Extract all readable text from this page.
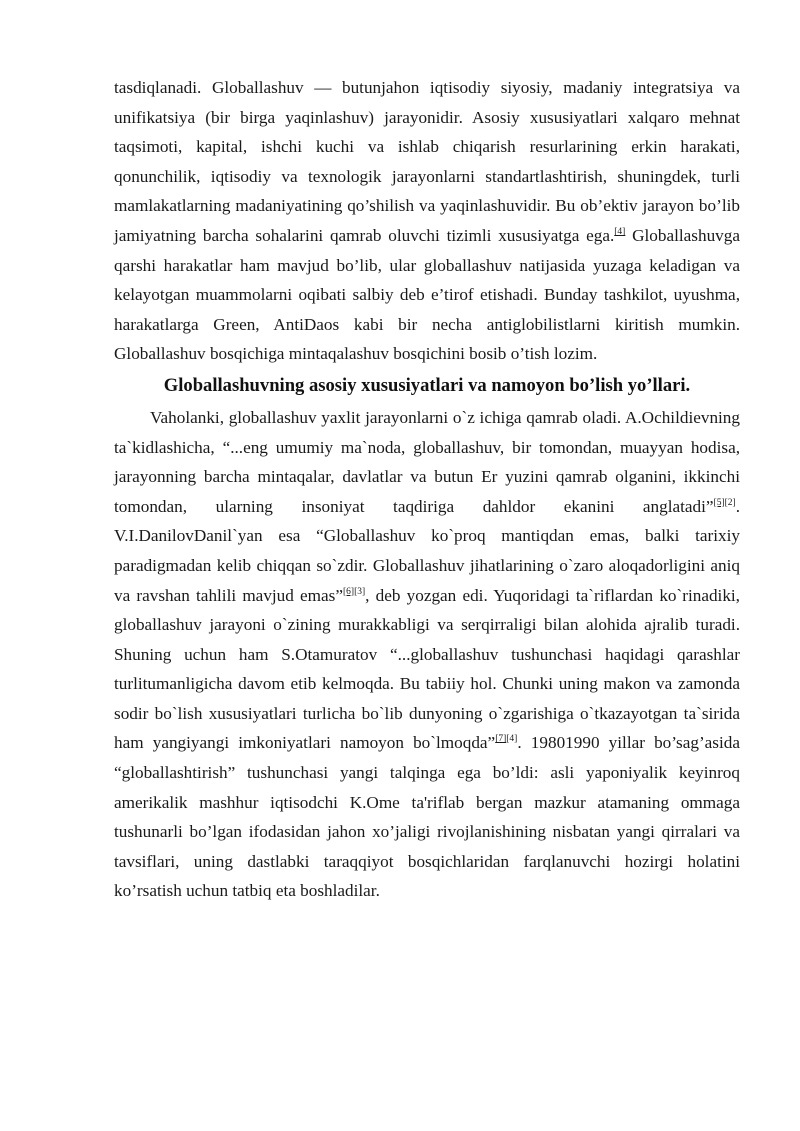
tasdiqlanadi. Globallashuv — butunjahon iqtisodiy siyosiy, madaniy integratsiya va unifikatsiya (bir birga yaqinlashuv) jarayonidir. Asosiy xususiyatlari xalqaro mehnat taqsimoti, kapital, ishchi kuchi va ishlab chiqarish resurlarining erkin harakati, qonunchilik, iqtisodiy va texnologik jarayonlarni standartlashtirish, shuningdek, turli mamlakatlarning madaniyatining qo’shilish va yaqinlashuvidir. Bu ob’ektiv jarayon bo’lib jamiyatning barcha sohalarini qamrab oluvchi tizimli xususiyatga ega.[4] Globallashuvga qarshi harakatlar ham mavjud bo’lib, ular globallashuv natijasida yuzaga keladigan va kelayotgan muammolarni oqibati salbiy deb e’tirof etishadi. Bunday tashkilot, uyushma, harakatlarga Green, AntiDaos kabi bir necha antiglobilistlarni kiritish mumkin. Globallashuv bosqichiga mintaqalashuv bosqichini bosib o’tish lozim.

Globallashuvning asosiy xususiyatlari va namoyon bo’lish yo’llari.

Vaholanki, globallashuv yaxlit jarayonlarni o`z ichiga qamrab oladi. A.Ochildievning ta`kidlashicha, “...eng umumiy ma`noda, globallashuv, bir tomondan, muayyan hodisa, jarayonning barcha mintaqalar, davlatlar va butun Er yuzini qamrab olganini, ikkinchi tomondan, ularning insoniyat taqdiriga dahldor ekanini anglatadi”[5][2]. V.I.DanilovDanil`yan esa “Globallashuv ko`proq mantiqdan emas, balki tarixiy paradigmadan kelib chiqqan so`zdir. Globallashuv jihatlarining o`zaro aloqadorligini aniq va ravshan tahlili mavjud emas”[6][3], deb yozgan edi. Yuqoridagi ta`riflardan ko`rinadiki, globallashuv jarayoni o`zining murakkabligi va serqirraligi bilan alohida ajralib turadi. Shuning uchun ham S.Otamuratov “...globallashuv tushunchasi haqidagi qarashlar turlitumanligicha davom etib kelmoqda. Bu tabiiy hol. Chunki uning makon va zamonda sodir bo`lish xususiyatlari turlicha bo`lib dunyoning o`zgarishiga o`tkazayotgan ta`sirida ham yangiyangi imkoniyatlari namoyon bo`lmoqda”[7][4]. 19801990 yillar bo’sag’asida “globallashtirish” tushunchasi yangi talqinga ega bo’ldi: asli yaponiyalik keyinroq amerikalik mashhur iqtisodchi K.Ome ta'riflab bergan mazkur atamaning ommaga tushunarli bo’lgan ifodasidan jahon xo’jaligi rivojlanishining nisbatan yangi qirralari va tavsiflari, uning dastlabki taraqqiyot bosqichlaridan farqlanuvchi hozirgi holatini ko’rsatish uchun tatbiq eta boshladilar.
